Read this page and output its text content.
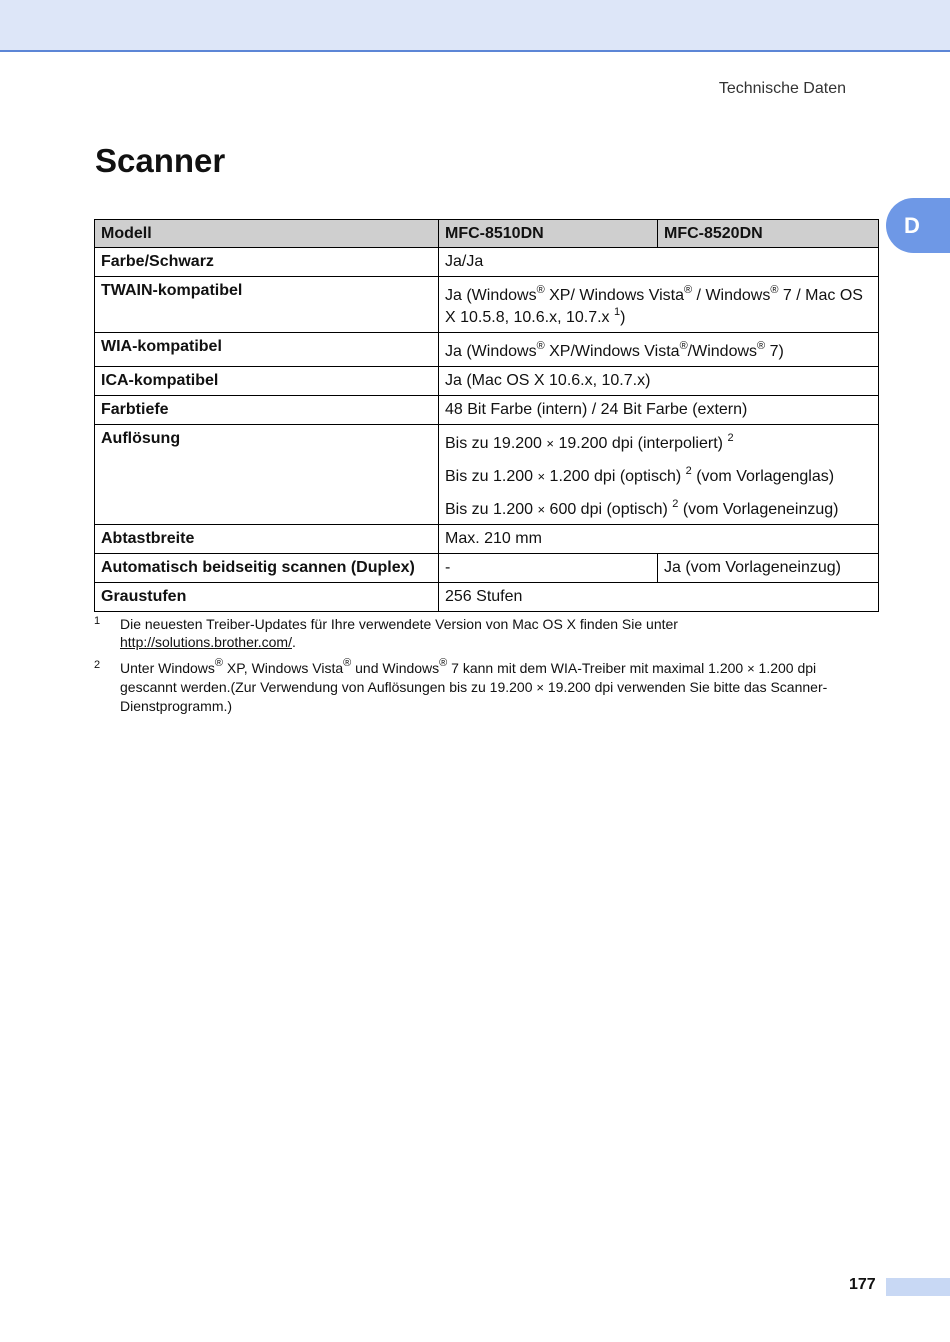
Technische Daten
Scanner
D
Modell	MFC-8510DN	MFC-8520DN
Farbe/Schwarz	Ja/Ja	
TWAIN-kompatibel	Ja (Windows® XP/ Windows Vista® / Windows® 7 / Mac OS X 10.5.8, 10.6.x, 10.7.x $^1$)	

WIA-kompatibel	Ja (Windows® XP/Windows Vista®/Windows® 7)	

ICA-kompatibel	Ja (Mac OS X 10.6.x, 10.7.x)	
Farbtiefe	48 Bit Farbe (intern) / 24 Bit Farbe (extern)	
Auflösung	Bis zu 19.200 × 19.200 dpi (interpoliert) $^2$

Bis zu 1.200 × 1.200 dpi (optisch) $^2$ (vom Vorlagenglas)

Bis zu 1.200 × 600 dpi (optisch) $^2$ (vom Vorlageneinzug)	

Abtastbreite	Max. 210 mm	
Automatisch beidseitig scannen (Duplex)	-	Ja (vom Vorlageneinzug)
Graustufen	256 Stufen	
1 Die neuesten Treiber-Updates für Ihre verwendete Version von Mac OS X finden Sie unter
http://solutions.brother.com/.
2 Unter Windows® XP, Windows Vista® und Windows® 7 kann mit dem WIA-Treiber mit maximal 1.200 × 1.200 dpi gescannt werden.(Zur Verwendung von Auflösungen bis zu 19.200 × 19.200 dpi verwenden Sie bitte das Scanner-Dienstprogramm.)
177
